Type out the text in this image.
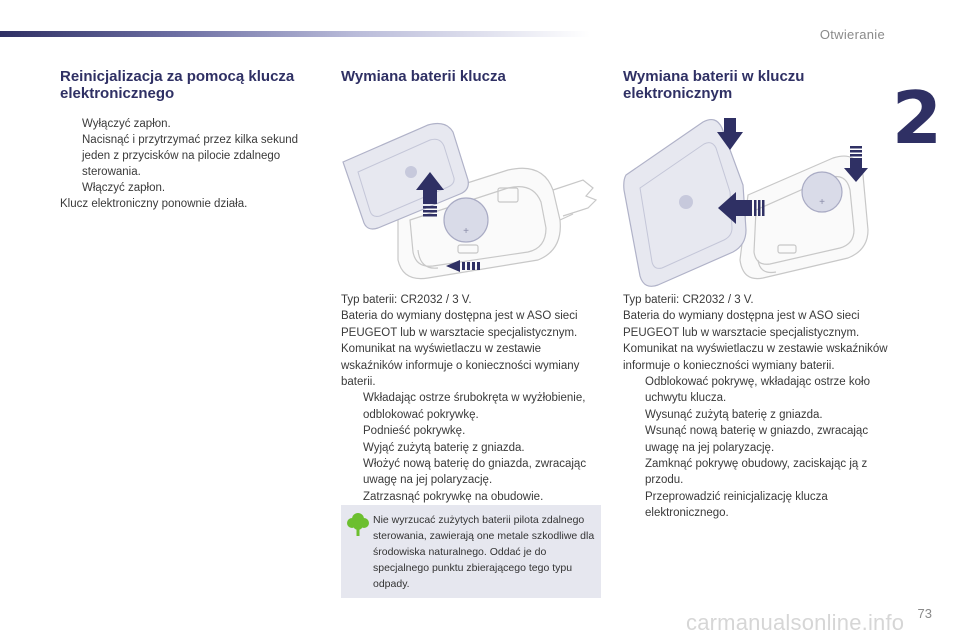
Otwieranie
2
Reinicjalizacja za pomocą klucza elektronicznego
Wyłączyć zapłon.
Nacisnąć i przytrzymać przez kilka sekund jeden z przycisków na pilocie zdalnego sterowania.
Włączyć zapłon.

Klucz elektroniczny ponownie działa.

Wymiana baterii klucza
+
Typ baterii: CR2032 / 3 V.
Bateria do wymiany dostępna jest w ASO sieci PEUGEOT lub w warsztacie specjalistycznym.
Komunikat na wyświetlaczu w zestawie wskaźników informuje o konieczności wymiany baterii.
Wkładając ostrze śrubokręta w wyżłobienie, odblokować pokrywkę.
Podnieść pokrywkę.
Wyjąć zużytą baterię z gniazda.
Włożyć nową baterię do gniazda, zwracając uwagę na jej polaryzację.
Zatrzasnąć pokrywkę na obudowie.
Nie wyrzucać zużytych baterii pilota zdalnego sterowania, zawierają one metale szkodliwe dla środowiska naturalnego. Oddać je do specjalnego punktu zbierającego tego typu odpady.
Wymiana baterii w kluczu elektronicznym
+
Typ baterii: CR2032 / 3 V.
Bateria do wymiany dostępna jest w ASO sieci PEUGEOT lub w warsztacie specjalistycznym.
Komunikat na wyświetlaczu w zestawie wskaźników informuje o konieczności wymiany baterii.
Odblokować pokrywę, wkładając ostrze koło uchwytu klucza.
Wysunąć zużytą baterię z gniazda.
Wsunąć nową baterię w gniazdo, zwracając uwagę na jej polaryzację.
Zamknąć pokrywę obudowy, zaciskając ją z przodu.
Przeprowadzić reinicjalizację klucza elektronicznego.
73
carmanualsonline.info
